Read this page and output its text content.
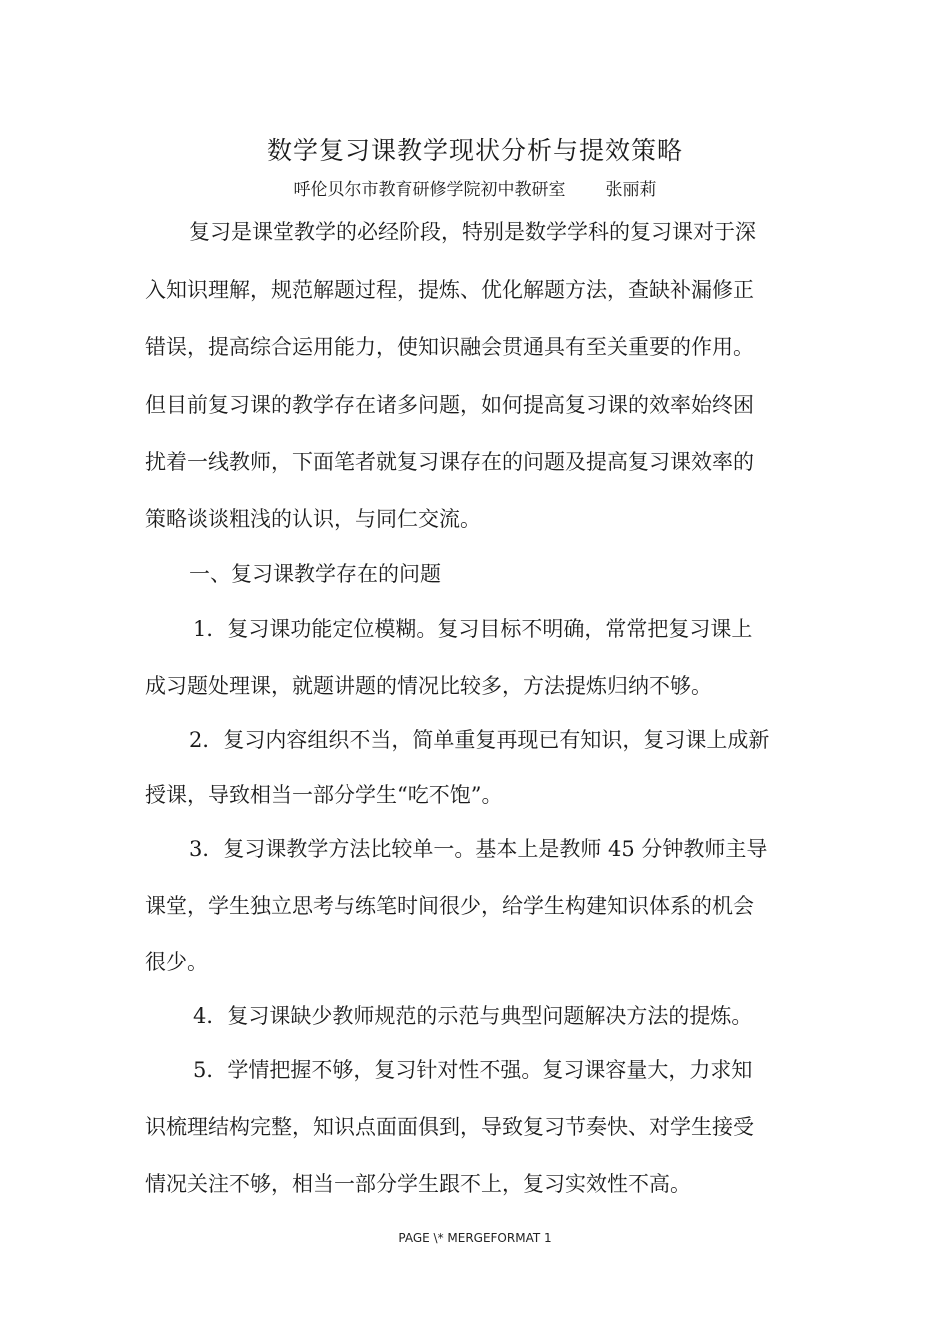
数学复习课教学现状分析与提效策略
呼伦贝尔市教育研修学院初中教研室 张丽莉
复习是课堂教学的必经阶段，特别是数学学科的复习课对于深
入知识理解，规范解题过程，提炼、优化解题方法，查缺补漏修正
错误，提高综合运用能力，使知识融会贯通具有至关重要的作用。
但目前复习课的教学存在诸多问题，如何提高复习课的效率始终困
扰着一线教师，下面笔者就复习课存在的问题及提高复习课效率的
策略谈谈粗浅的认识，与同仁交流。
一、复习课教学存在的问题
1．复习课功能定位模糊。复习目标不明确，常常把复习课上
成习题处理课，就题讲题的情况比较多，方法提炼归纳不够。
2．复习内容组织不当，简单重复再现已有知识，复习课上成新
授课，导致相当一部分学生“吃不饱”。
3．复习课教学方法比较单一。基本上是教师 45 分钟教师主导
课堂，学生独立思考与练笔时间很少，给学生构建知识体系的机会
很少。
4．复习课缺少教师规范的示范与典型问题解决方法的提炼。
5．学情把握不够，复习针对性不强。复习课容量大，力求知
识梳理结构完整，知识点面面俱到，导致复习节奏快、对学生接受
情况关注不够，相当一部分学生跟不上，复习实效性不高。
PAGE \* MERGEFORMAT 1
